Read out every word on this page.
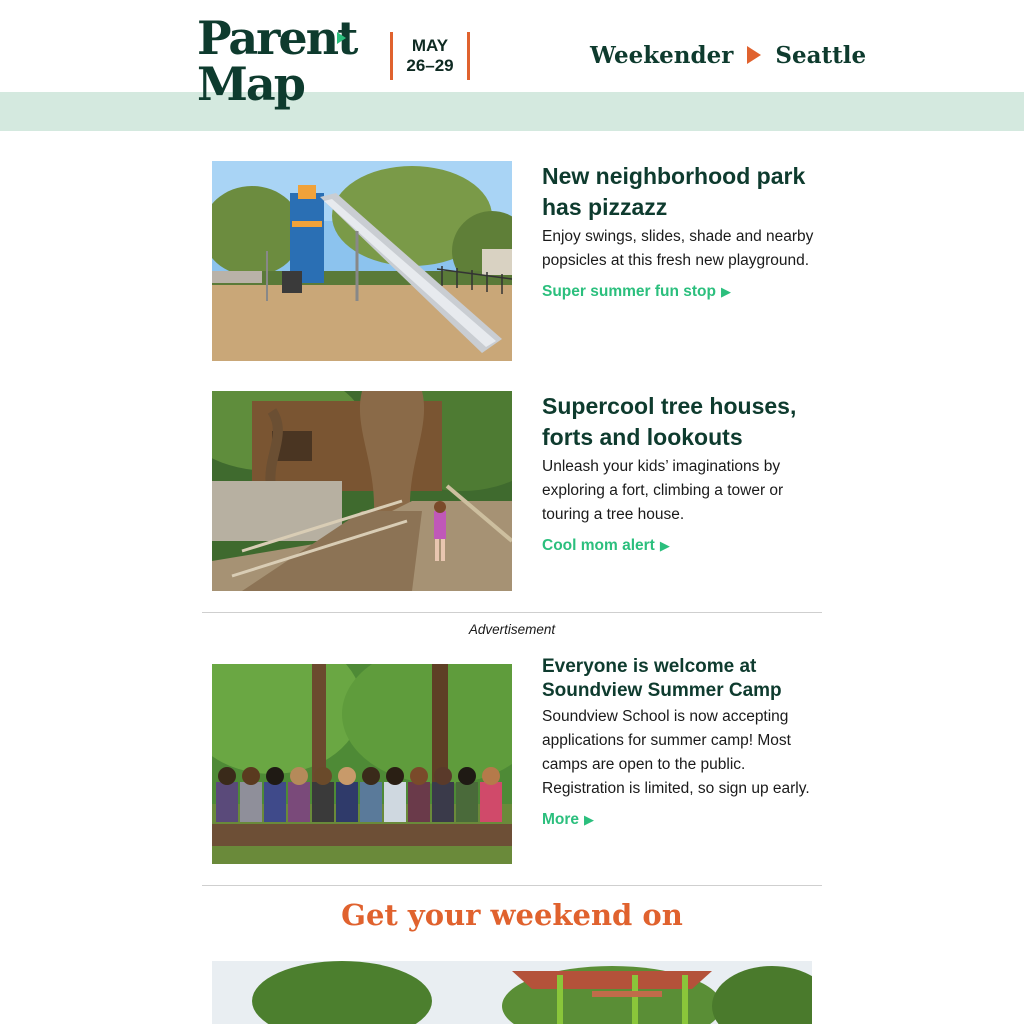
Parent
Map
MAY
26–29	Weekender Seattle
New neighborhood park has pizzazz

Enjoy swings, slides, shade and nearby popsicles at this fresh new playground.

Super summer fun stop ▶
Supercool tree houses, forts and lookouts

Unleash your kids’ imaginations by exploring a fort, climbing a tower or touring a tree house.

Cool mom alert ▶
Advertisement
Everyone is welcome at Soundview Summer Camp

Soundview School is now accepting applications for summer camp! Most camps are open to the public. Registration is limited, so sign up early.

More ▶
Get your weekend on
